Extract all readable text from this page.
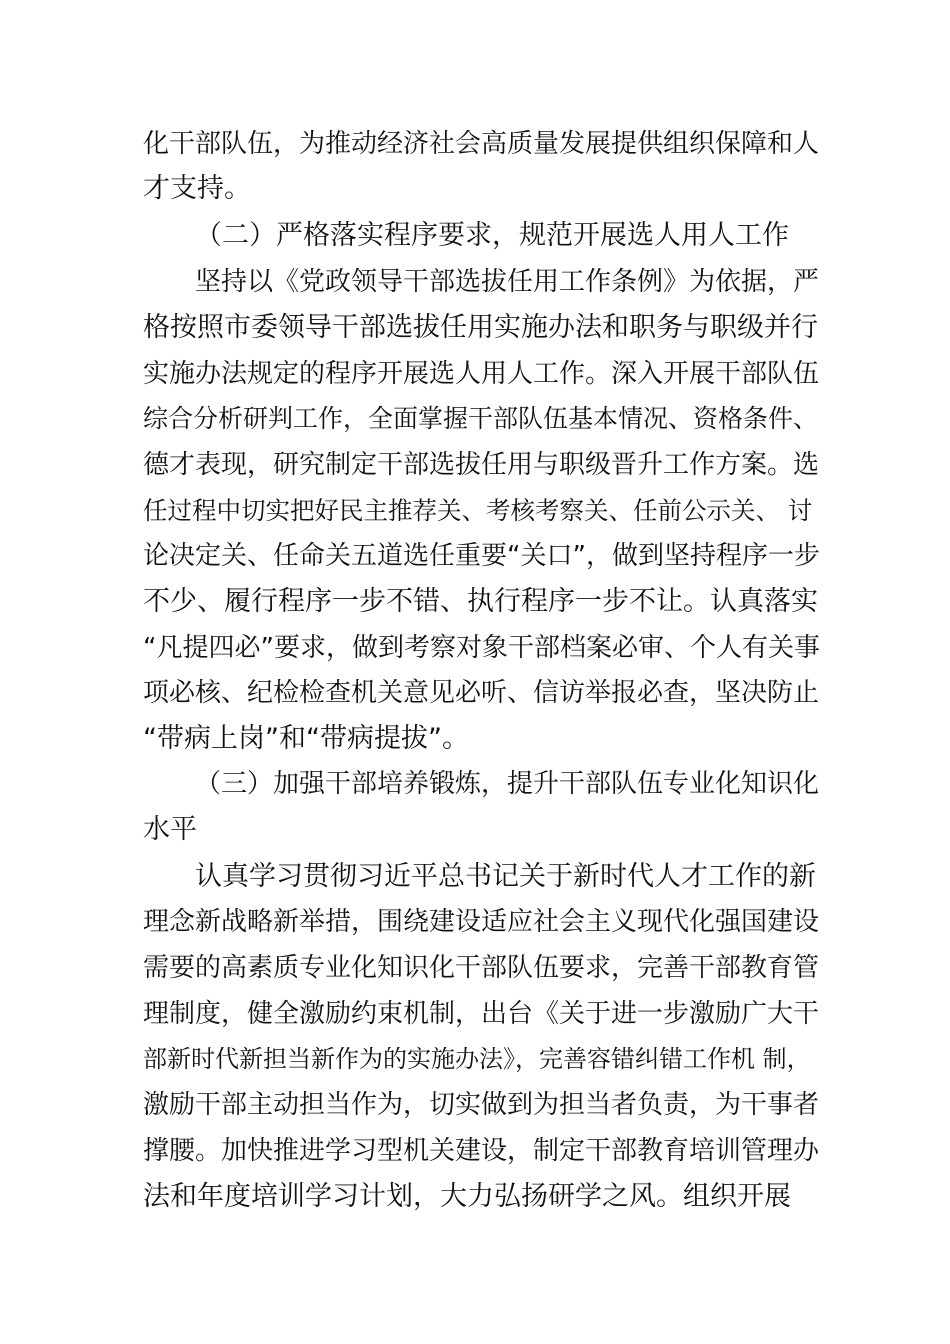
化干部队伍，为推动经济社会高质量发展提供组织保障和人

才支持。

（二）严格落实程序要求，规范开展选人用人工作

坚持以《党政领导干部选拔任用工作条例》为依据，严

格按照市委领导干部选拔任用实施办法和职务与职级并行

实施办法规定的程序开展选人用人工作。深入开展干部队伍

综合分析研判工作，全面掌握干部队伍基本情况、资格条件、

德才表现，研究制定干部选拔任用与职级晋升工作方案。选

任过程中切实把好民主推荐关、考核考察关、任前公示关、 讨

论决定关、任命关五道选任重要“关口”，做到坚持程序一步

不少、履行程序一步不错、执行程序一步不让。认真落实

“凡提四必”要求，做到考察对象干部档案必审、个人有关事

项必核、纪检检查机关意见必听、信访举报必查，坚决防止

“带病上岗”和“带病提拔”。

（三）加强干部培养锻炼，提升干部队伍专业化知识化

水平

认真学习贯彻习近平总书记关于新时代人才工作的新

理念新战略新举措，围绕建设适应社会主义现代化强国建设

需要的高素质专业化知识化干部队伍要求，完善干部教育管

理制度，健全激励约束机制，出台《关于进一步激励广大干

部新时代新担当新作为的实施办法》，完善容错纠错工作机 制，

激励干部主动担当作为，切实做到为担当者负责，为干事者

撑腰。加快推进学习型机关建设，制定干部教育培训管理办

法和年度培训学习计划，大力弘扬研学之风。组织开展
